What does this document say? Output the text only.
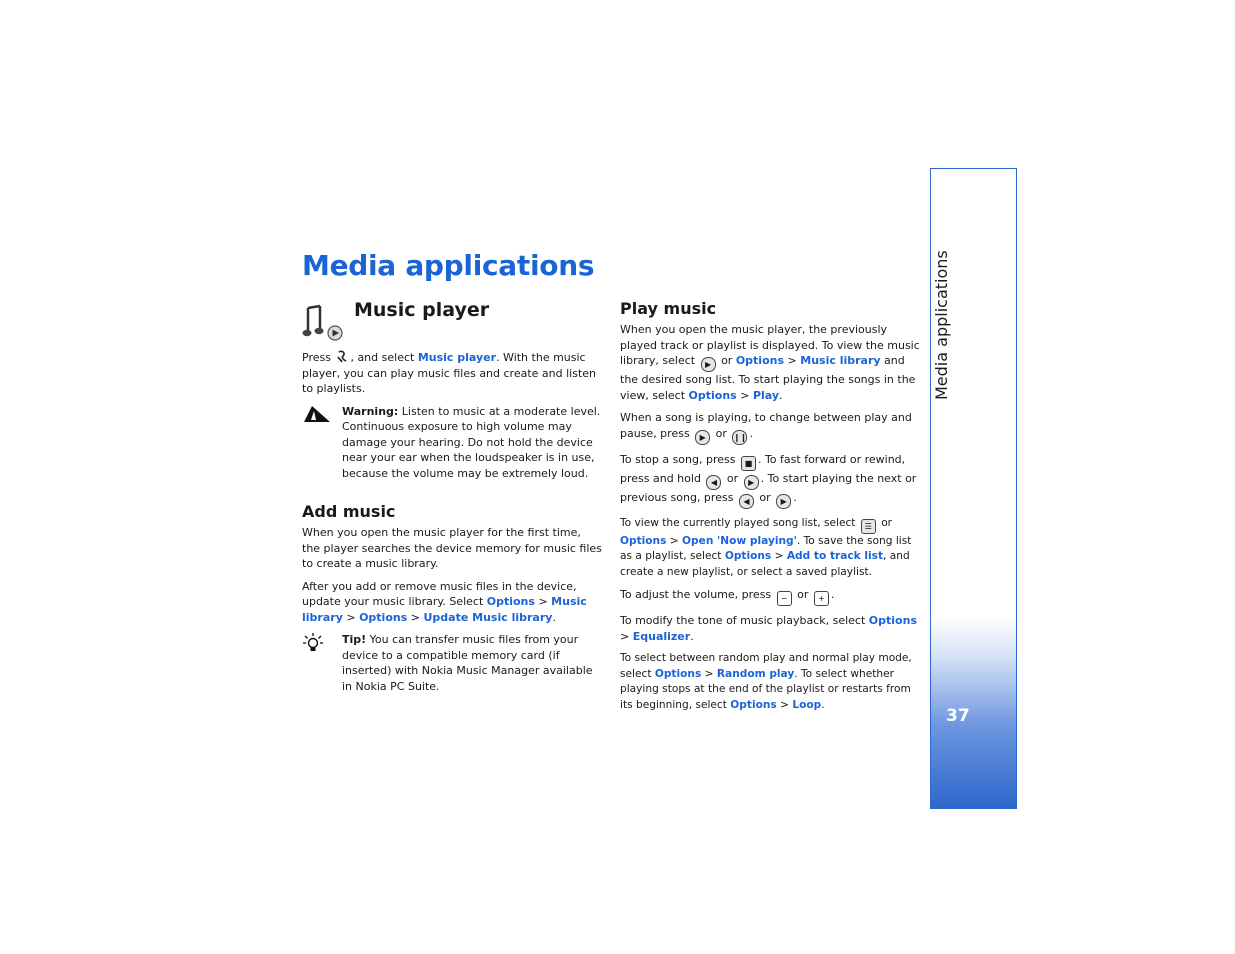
Media applications
Music player

Press , and select Music player. With the music player, you can play music files and create and listen to playlists.

Warning: Listen to music at a moderate level. Continuous exposure to high volume may damage your hearing. Do not hold the device near your ear when the loudspeaker is in use, because the volume may be extremely loud.

Add music

When you open the music player for the first time, the player searches the device memory for music files to create a music library.

After you add or remove music files in the device, update your music library. Select Options > Music library > Options > Update Music library.

Tip! You can transfer music files from your device to a compatible memory card (if inserted) with Nokia Music Manager available in Nokia PC Suite.

Play music

When you open the music player, the previously played track or playlist is displayed. To view the music library, select ▶ or Options > Music library and the desired song list. To start playing the songs in the view, select Options > Play.

When a song is playing, to change between play and pause, press ▶ or ❙❙ .

To stop a song, press ■ . To fast forward or rewind, press and hold ◀ or ▶ . To start playing the next or previous song, press ◀ or ▶ .

To view the currently played song list, select ☰ or Options > Open 'Now playing'. To save the song list as a playlist, select Options > Add to track list, and create a new playlist, or select a saved playlist.

To adjust the volume, press − or + .

To modify the tone of music playback, select Options > Equalizer.

To select between random play and normal play mode, select Options > Random play. To select whether playing stops at the end of the playlist or restarts from its beginning, select Options > Loop.

Media applications
37
